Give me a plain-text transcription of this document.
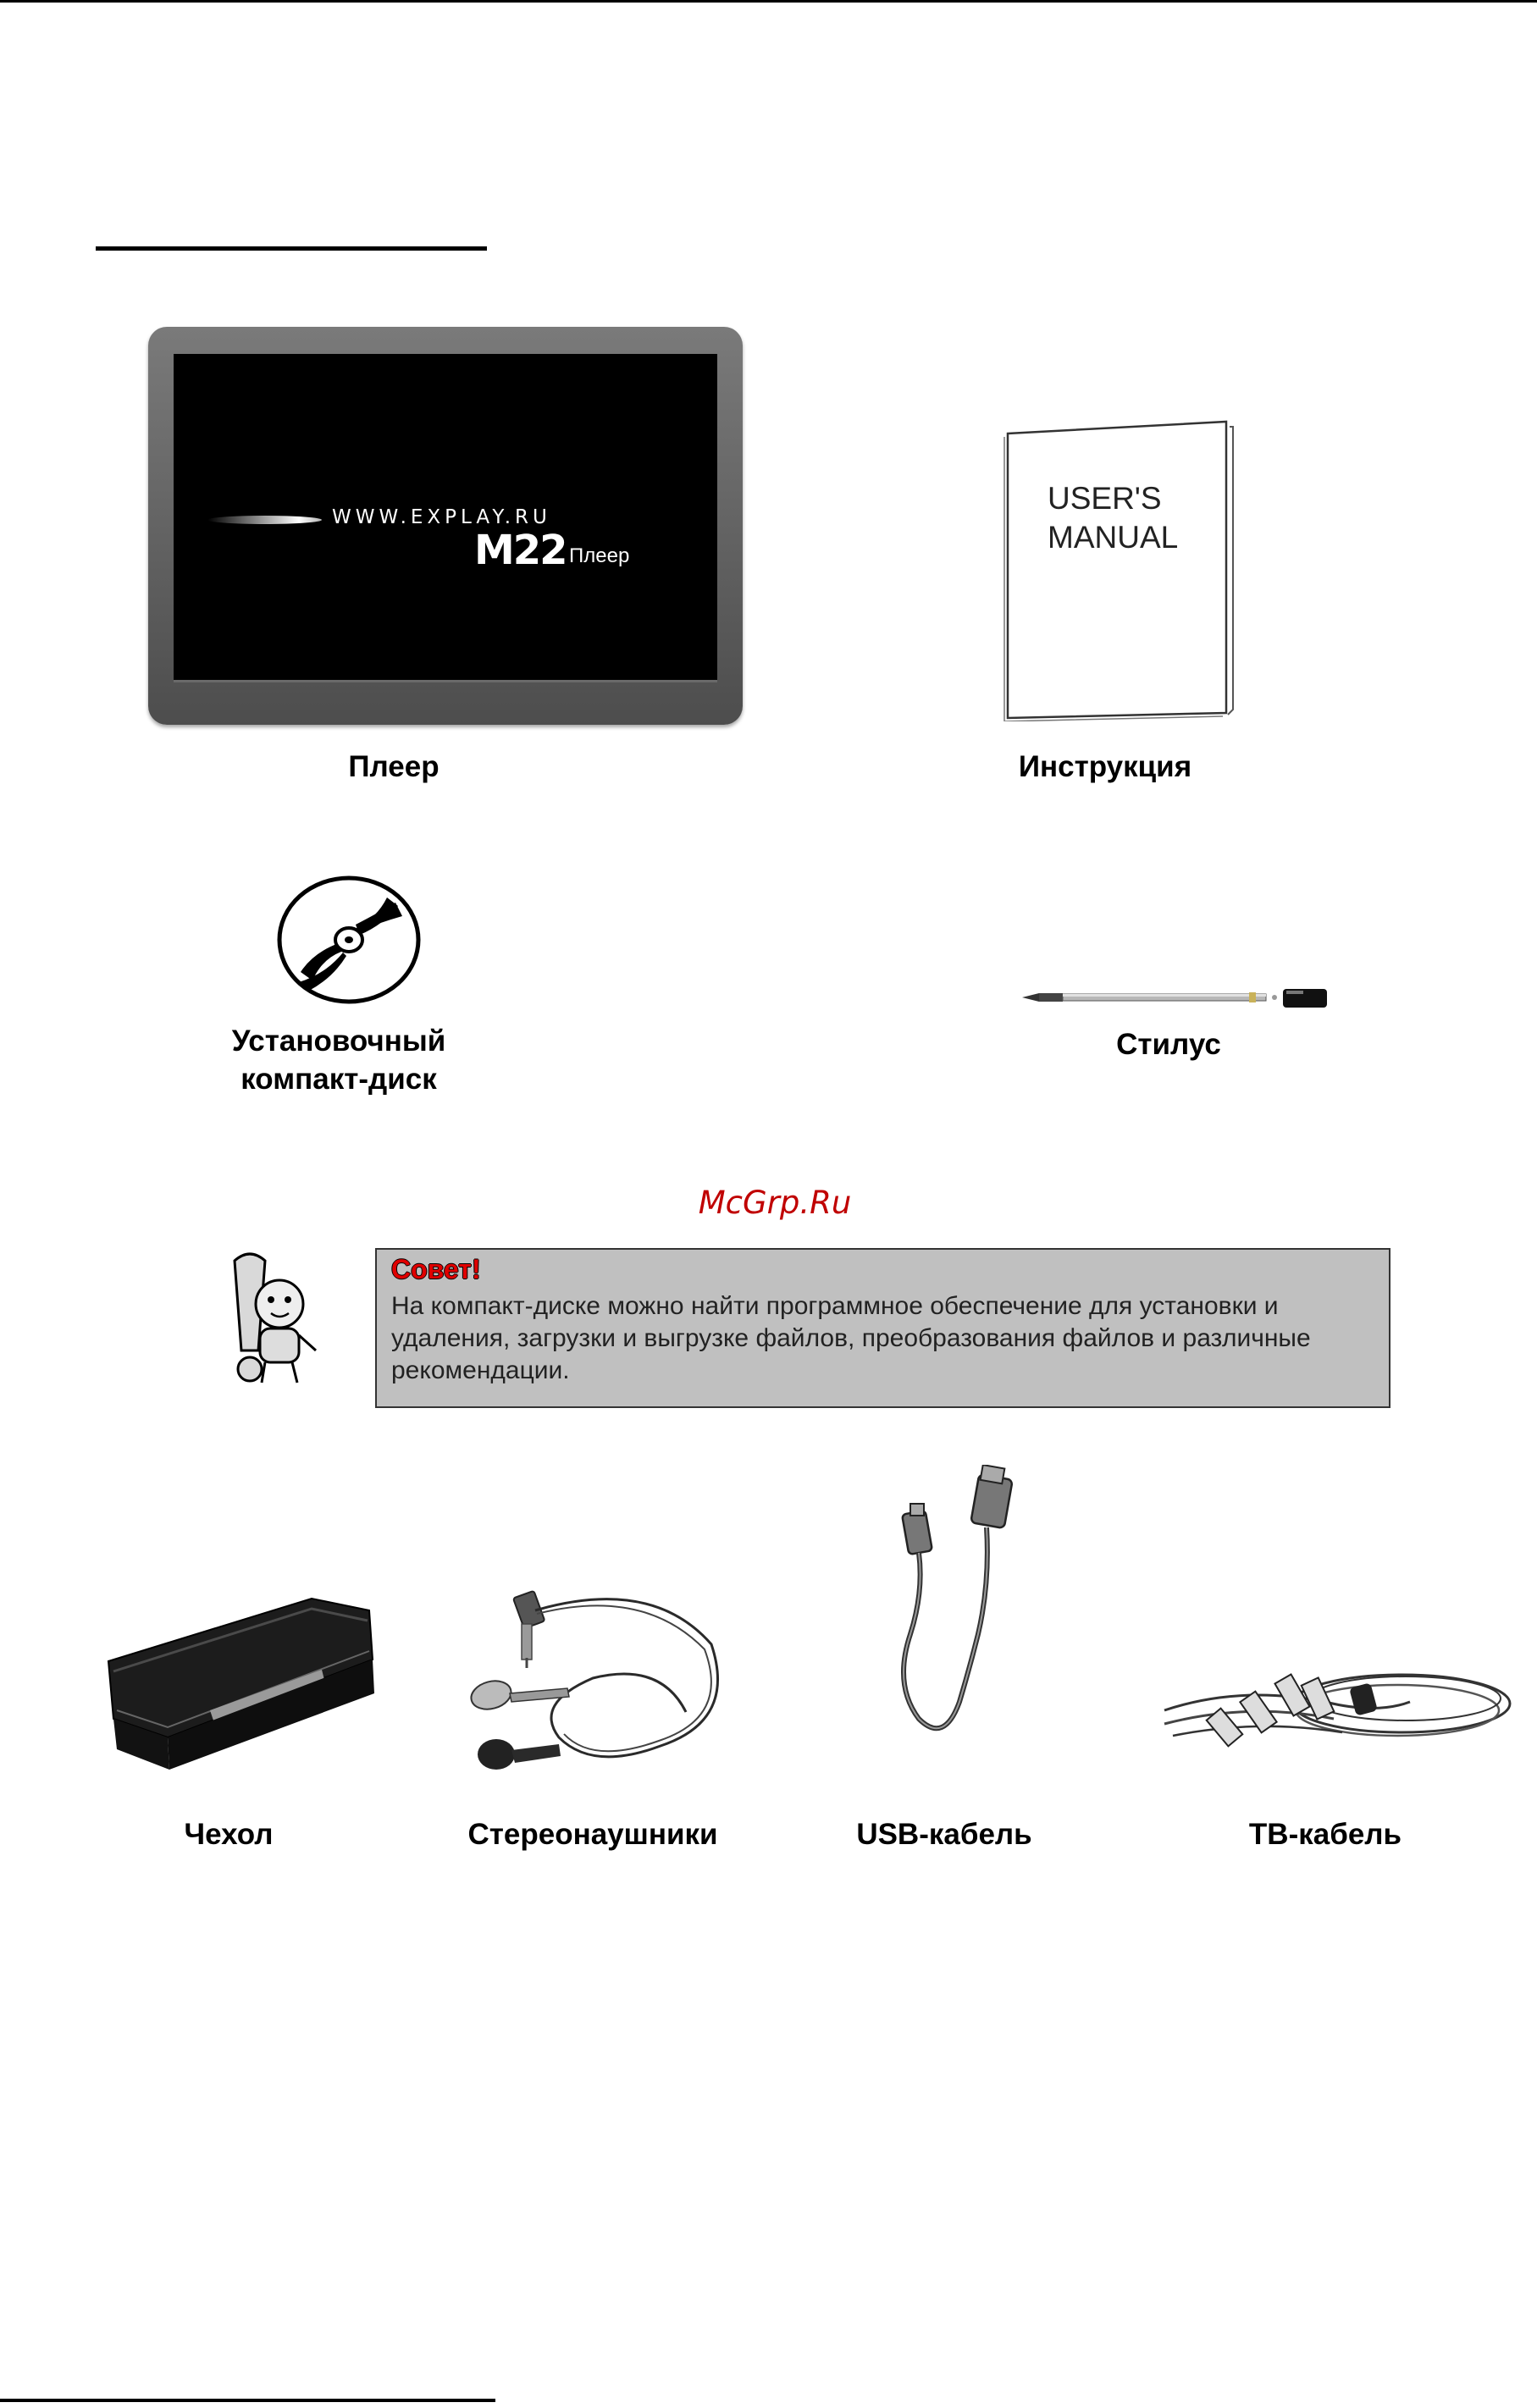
WWW.EXPLAY.RU
M22 Плеер
Плеер
USER'S
MANUAL
Инструкция
Установочный
компакт-диск
Стилус
McGrp.Ru
Совет!
На компакт-диске можно найти программное обеспечение для установки и удаления, загрузки и выгрузке файлов, преобразования файлов и различные рекомендации.
Чехол	Стереонаушники	USB-кабель	ТВ-кабель
